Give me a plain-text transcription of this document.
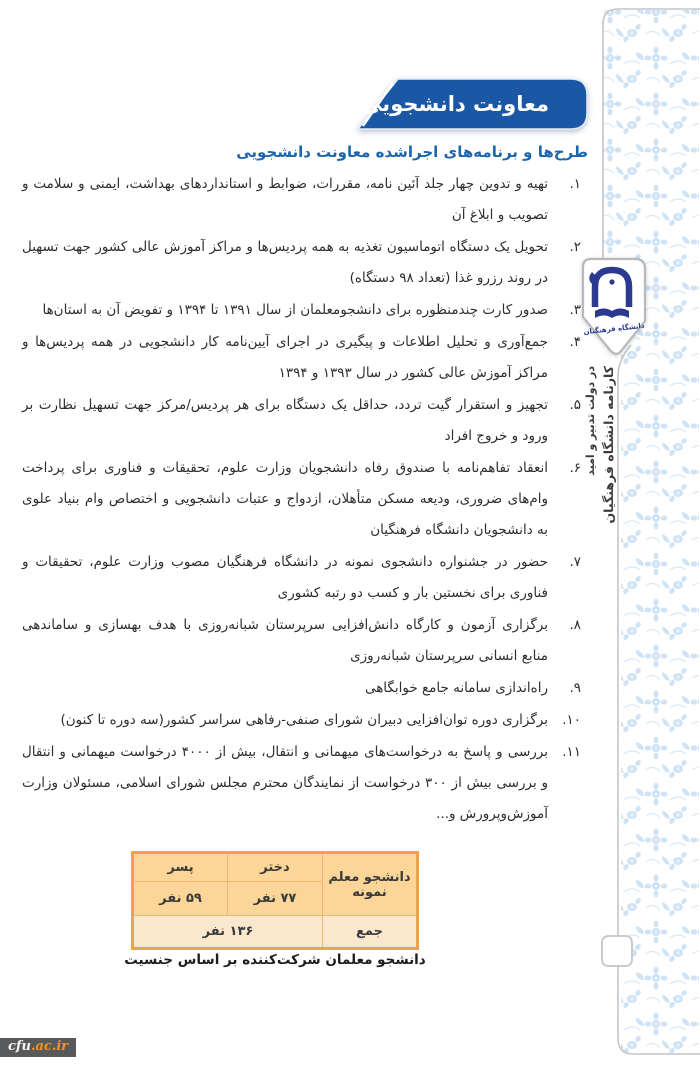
دانشگاه فرهنگیان
کارنامه دانشگاه فرهنگیان
در دولت تدبیر و امید
معاونت دانشجویی
طرح‌ها و برنامه‌های اجراشده معاونت دانشجویی
۱.
تهیه و تدوین چهار جلد آئین نامه، مقررات، ضوابط و استانداردهای بهداشت، ایمنی و سلامت و تصویب و ابلاغ آن
۲.
تحویل یک دستگاه اتوماسیون تغذیه به همه پردیس‌ها و مراکز آموزش عالی کشور جهت تسهیل در روند رزرو غذا (تعداد ۹۸ دستگاه)
۳.
صدور کارت چندمنظوره برای دانشجومعلمان از سال ۱۳۹۱ تا ۱۳۹۴ و تفویض آن به استان‌ها
۴.
جمع‌آوری و تحلیل اطلاعات و پیگیری در اجرای آیین‌نامه کار دانشجویی در همه پردیس‌ها و مراکز آموزش عالی کشور در سال ۱۳۹۳ و ۱۳۹۴
۵.
تجهیز و استقرار گیت تردد، حداقل یک دستگاه برای هر پردیس/مرکز جهت تسهیل نظارت بر ورود و خروج افراد
۶.
انعقاد تفاهم‌نامه با صندوق رفاه دانشجویان وزارت علوم، تحقیقات و فناوری برای پرداخت وام‌های ضروری، ودیعه مسکن متأهلان، ازدواج و عتبات دانشجویی و اختصاص وام بنیاد علوی به دانشجویان دانشگاه فرهنگیان
۷.
حضور در جشنواره دانشجوی نمونه در دانشگاه فرهنگیان مصوب وزارت علوم، تحقیقات و فناوری برای نخستین بار و کسب دو رتبه کشوری
۸.
برگزاری آزمون و کارگاه دانش‌افزایی سرپرستان شبانه‌روزی با هدف بهسازی و ساماندهی منابع انسانی سرپرستان شبانه‌روزی
۹.
راه‌اندازی سامانه جامع خوابگاهی
۱۰.
برگزاری دوره توان‌افزایی دبیران شورای صنفی-رفاهی سراسر کشور(سه دوره تا کنون)
۱۱.
بررسی و پاسخ به درخواست‌های میهمانی و انتقال، بیش از ۴۰۰۰ درخواست میهمانی و انتقال و بررسی بیش از ۳۰۰ درخواست از نمایندگان محترم مجلس شورای اسلامی، مسئولان وزارت آموزش‌وپرورش و...
دانشجو معلم نمونه	دختر	پسر
	۷۷ نفر	۵۹ نفر
جمع	۱۳۶ نفر	
دانشجو معلمان شرکت‌کننده بر اساس جنسیت
cfu.ac.ir
